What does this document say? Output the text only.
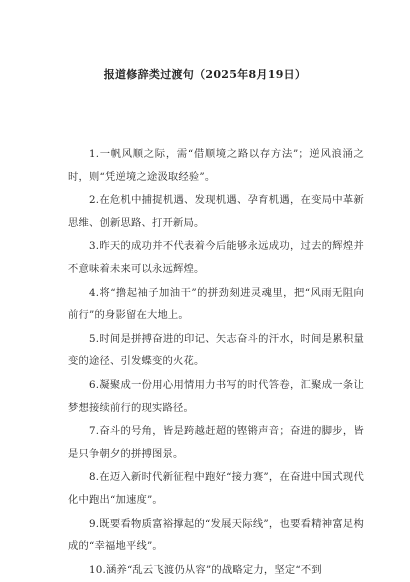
报道修辞类过渡句（2025年8月19日）

1.一帆风顺之际，需“借顺境之路以存方法”；逆风浪涌之时，则“凭逆境之途汲取经验”。

2.在危机中捕捉机遇、发现机遇、孕育机遇，在变局中革新思维、创新思路、打开新局。

3.昨天的成功并不代表着今后能够永远成功，过去的辉煌并不意味着未来可以永远辉煌。

4.将“撸起袖子加油干”的拼劲刻进灵魂里，把“风雨无阻向前行”的身影留在大地上。

5.时间是拼搏奋进的印记、矢志奋斗的汗水，时间是累积量变的途径、引发蝶变的火花。

6.凝聚成一份用心用情用力书写的时代答卷，汇聚成一条让梦想接续前行的现实路径。

7.奋斗的号角，皆是跨越赶超的铿锵声音；奋进的脚步，皆是只争朝夕的拼搏图景。

8.在迈入新时代新征程中跑好“接力赛”，在奋进中国式现代化中跑出“加速度”。

9.既要看物质富裕撑起的“发展天际线”，也要看精神富足构成的“幸福地平线”。

10.涵养“乱云飞渡仍从容”的战略定力，坚定“不到
